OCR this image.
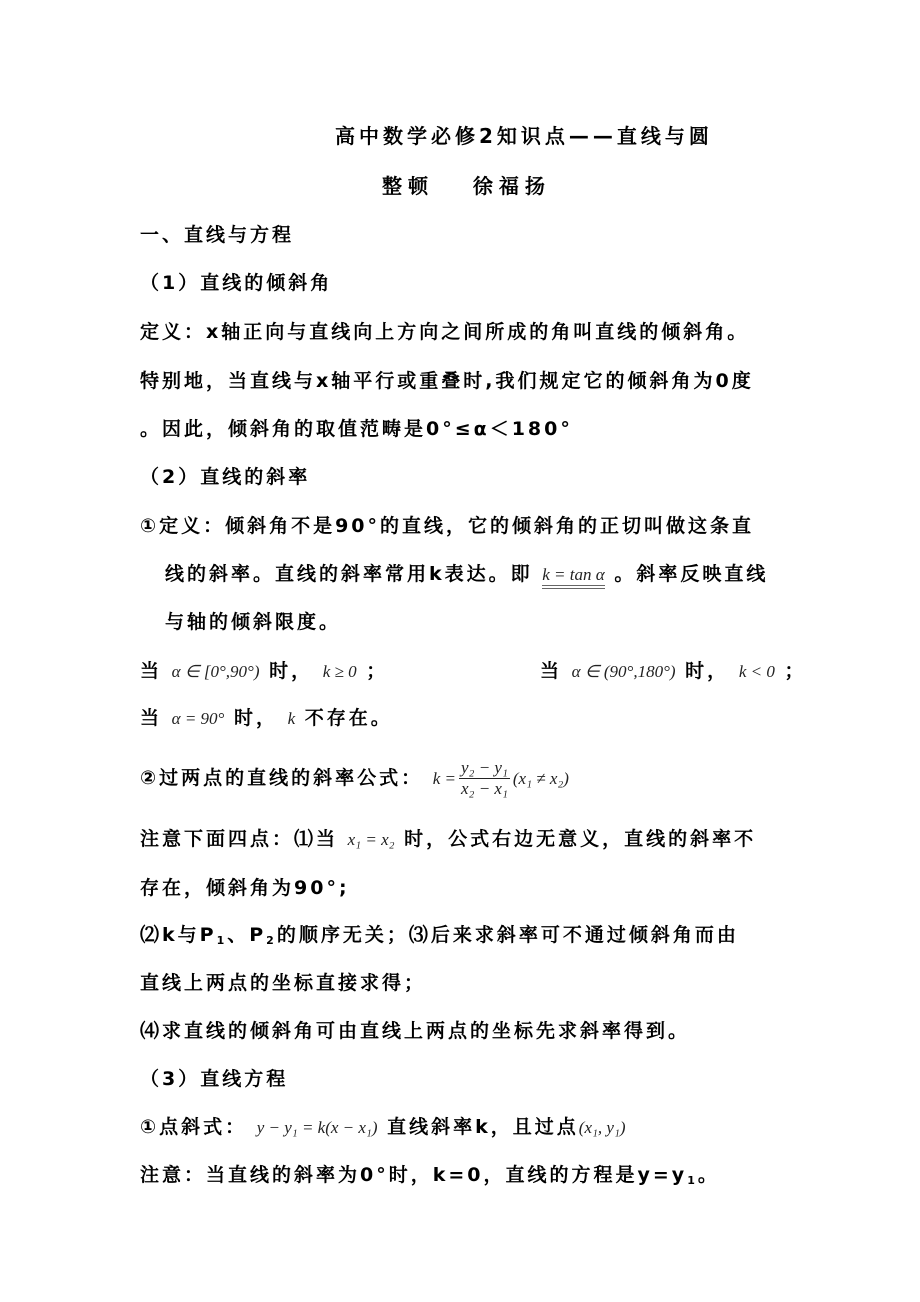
高中数学必修2知识点——直线与圆
整顿   徐福扬
一、直线与方程
（1）直线的倾斜角
定义：x轴正向与直线向上方向之间所成的角叫直线的倾斜角。
特别地，当直线与x轴平行或重叠时,我们规定它的倾斜角为0度
。因此，倾斜角的取值范畴是0°≤α＜180°
（2）直线的斜率
①定义：倾斜角不是90°的直线，它的倾斜角的正切叫做这条直
线的斜率。直线的斜率常用k表达。即 k = tan α 。斜率反映直线
与轴的倾斜限度。
当 α ∈ [0°,90°) 时， k ≥ 0 ；	当 α ∈ (90°,180°) 时， k < 0 ；
当 α = 90° 时， k 不存在。
②过两点的直线的斜率公式： $k = \frac{\text{y₂ − y₁}}{\text{x₂ − x₁}} (x_1 \ne x_2)$
注意下面四点：⑴当 x₁ = x₂ 时，公式右边无意义，直线的斜率不
存在，倾斜角为90°;
⑵k与$P_1$、$P_2$的顺序无关；⑶后来求斜率可不通过倾斜角而由
直线上两点的坐标直接求得；
⑷求直线的倾斜角可由直线上两点的坐标先求斜率得到。
（3）直线方程
①点斜式： y − y₁ = k(x − x₁) 直线斜率k，且过点(x₁, y₁)
注意：当直线的斜率为0°时，k=0，直线的方程是$y=y_1$。
